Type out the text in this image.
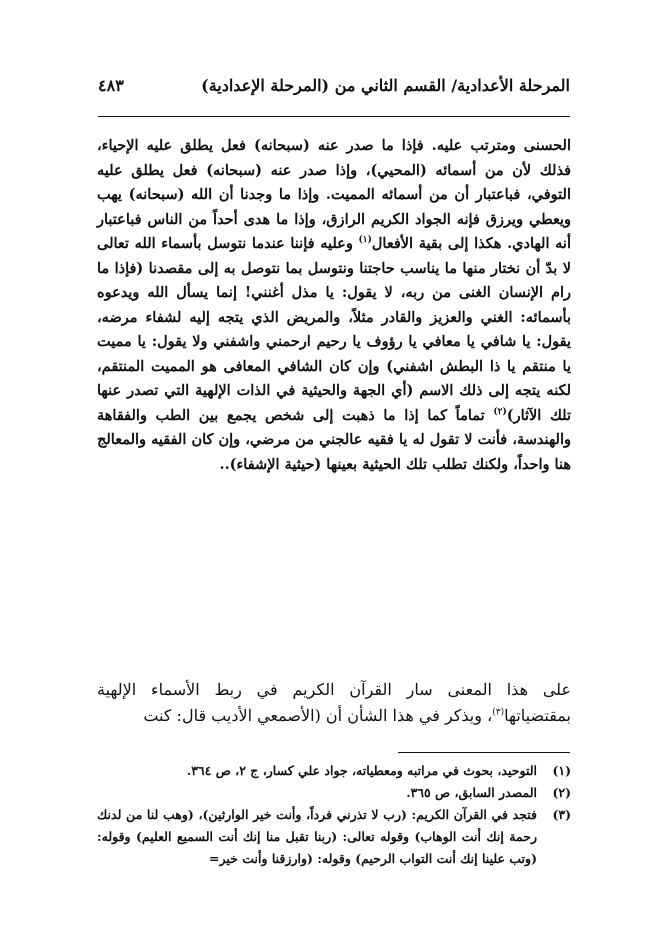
المرحلة الأعدادية/ القسم الثاني من (المرحلة الإعدادية)
٤٨٣
الحسنى ومترتب عليه. فإذا ما صدر عنه (سبحانه) فعل يطلق عليه الإحياء، فذلك لأن من أسمائه (المحيي)، وإذا صدر عنه (سبحانه) فعل يطلق عليه التوفي، فباعتبار أن من أسمائه المميت. وإذا ما وجدنا أن الله (سبحانه) يهب ويعطي ويرزق فإنه الجواد الكريم الرازق، وإذا ما هدى أحداً من الناس فباعتبار أنه الهادي. هكذا إلى بقية الأفعال$^{(١)}$ وعليه فإننا عندما نتوسل بأسماء الله تعالى لا بدّ أن نختار منها ما يناسب حاجتنا ونتوسل بما نتوصل به إلى مقصدنا (فإذا ما رام الإنسان الغنى من ربه، لا يقول: يا مذل أغنني! إنما يسأل الله ويدعوه بأسمائه: الغني والعزيز والقادر مثلاً، والمريض الذي يتجه إليه لشفاء مرضه، يقول: يا شافي يا معافي يا رؤوف يا رحيم ارحمني واشفني ولا يقول: يا مميت يا منتقم يا ذا البطش اشفني) وإن كان الشافي المعافى هو المميت المنتقم، لكنه يتجه إلى ذلك الاسم (أي الجهة والحيثية في الذات الإلهية التي تصدر عنها تلك الآثار)$^{(٢)}$ تماماً كما إذا ما ذهبت إلى شخص يجمع بين الطب والفقاهة والهندسة، فأنت لا تقول له يا فقيه عالجني من مرضي، وإن كان الفقيه والمعالج هنا واحداً، ولكنك تطلب تلك الحيثية بعينها (حيثية الإشفاء)..
على هذا المعنى سار القرآن الكريم في ربط الأسماء الإلهية بمقتضياتها$^{(٣)}$، ويذكر في هذا الشأن أن (الأصمعي الأديب قال: كنت
(١)
التوحيد، بحوث في مراتبه ومعطياته، جواد علي كسار، ج ٢، ص ٣٦٤.
(٢)
المصدر السابق، ص ٣٦٥.
(٣)
فتجد في القرآن الكريم: (رب لا تذرني فرداً، وأنت خير الوارثين)، (وهب لنا من لدنك رحمة إنك أنت الوهاب) وقوله تعالى: (ربنا تقبل منا إنك أنت السميع العليم) وقوله: (وتب علينا إنك أنت التواب الرحيم) وقوله: (وارزقنا وأنت خير=
